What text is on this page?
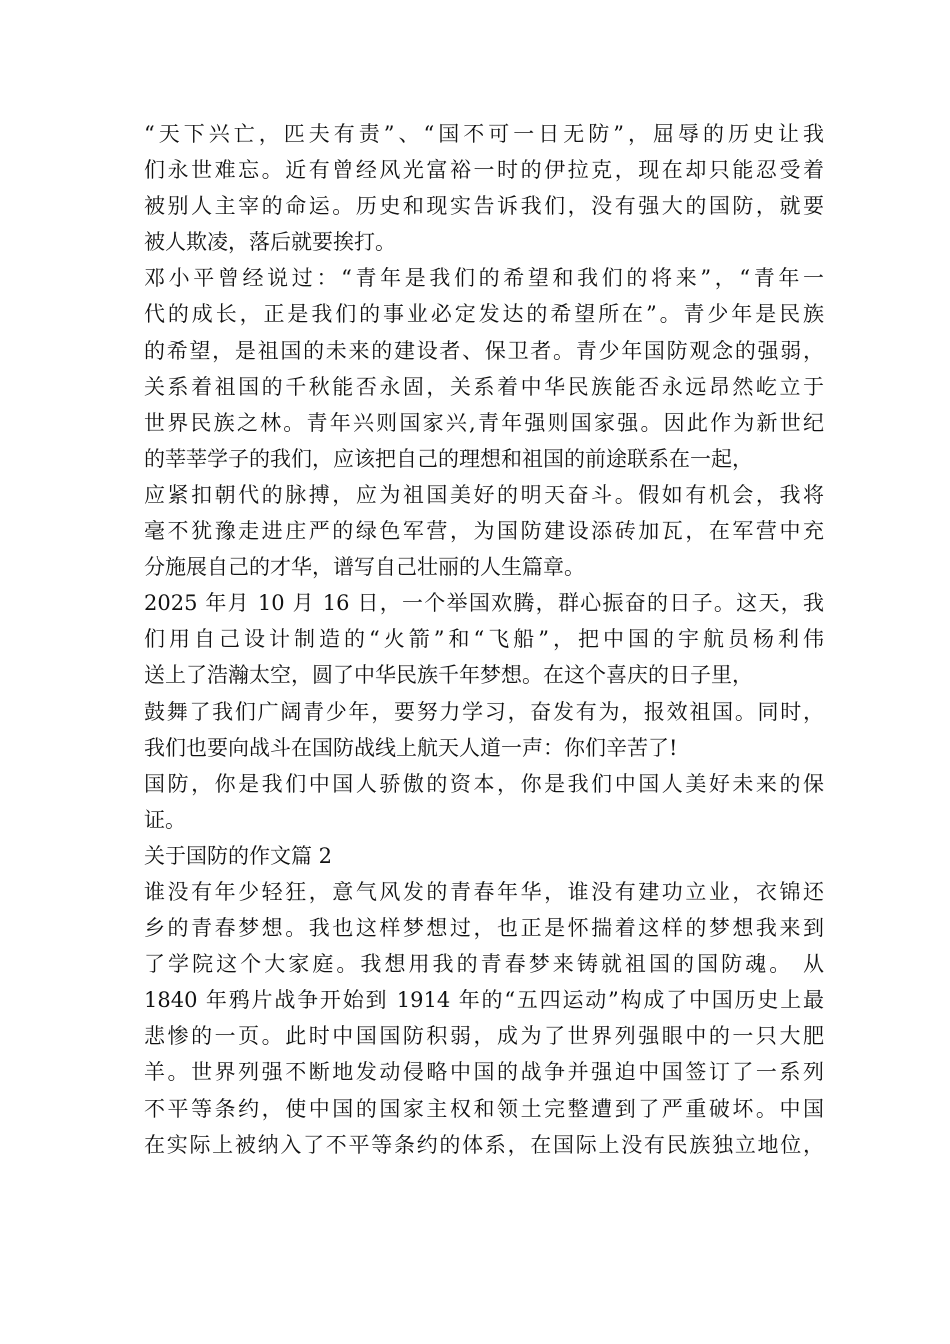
“天下兴亡，匹夫有责”、“国不可一日无防”，屈辱的历史让我
们永世难忘。近有曾经风光富裕一时的伊拉克，现在却只能忍受着
被别人主宰的命运。历史和现实告诉我们，没有强大的国防，就要
被人欺凌，落后就要挨打。
邓小平曾经说过：“青年是我们的希望和我们的将来”，“青年一
代的成长，正是我们的事业必定发达的希望所在”。青少年是民族
的希望，是祖国的未来的建设者、保卫者。青少年国防观念的强弱，
关系着祖国的千秋能否永固，关系着中华民族能否永远昂然屹立于
世界民族之林。青年兴则国家兴,青年强则国家强。因此作为新世纪
的莘莘学子的我们，应该把自己的理想和祖国的前途联系在一起，
应紧扣朝代的脉搏，应为祖国美好的明天奋斗。假如有机会，我将
毫不犹豫走进庄严的绿色军营，为国防建设添砖加瓦，在军营中充
分施展自己的才华，谱写自己壮丽的人生篇章。
2025 年月 10 月 16 日，一个举国欢腾，群心振奋的日子。这天，我
们用自己设计制造的“火箭”和“飞船”，把中国的宇航员杨利伟
送上了浩瀚太空，圆了中华民族千年梦想。在这个喜庆的日子里，
鼓舞了我们广阔青少年，要努力学习，奋发有为，报效祖国。同时，
我们也要向战斗在国防战线上航天人道一声：你们辛苦了!
国防，你是我们中国人骄傲的资本，你是我们中国人美好未来的保
证。
关于国防的作文篇 2
谁没有年少轻狂，意气风发的青春年华，谁没有建功立业，衣锦还
乡的青春梦想。我也这样梦想过，也正是怀揣着这样的梦想我来到
了学院这个大家庭。我想用我的青春梦来铸就祖国的国防魂。 从
1840 年鸦片战争开始到 1914 年的“五四运动”构成了中国历史上最
悲惨的一页。此时中国国防积弱，成为了世界列强眼中的一只大肥
羊。世界列强不断地发动侵略中国的战争并强迫中国签订了一系列
不平等条约，使中国的国家主权和领土完整遭到了严重破坏。中国
在实际上被纳入了不平等条约的体系，在国际上没有民族独立地位，
